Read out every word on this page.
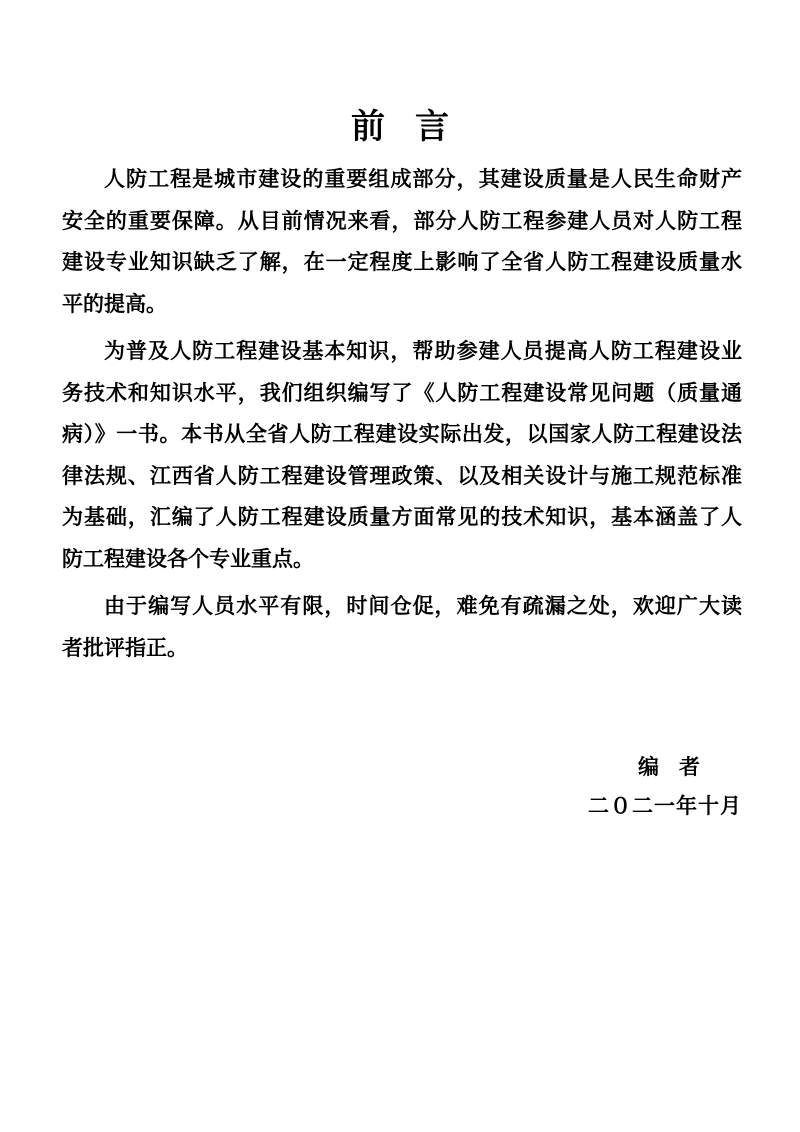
前言
人防工程是城市建设的重要组成部分，其建设质量是人民生命财产
安全的重要保障。从目前情况来看，部分人防工程参建人员对人防工程
建设专业知识缺乏了解，在一定程度上影响了全省人防工程建设质量水
平的提高。
为普及人防工程建设基本知识，帮助参建人员提高人防工程建设业
务技术和知识水平，我们组织编写了《人防工程建设常见问题（质量通
病）》一书。本书从全省人防工程建设实际出发，以国家人防工程建设法
律法规、江西省人防工程建设管理政策、以及相关设计与施工规范标准
为基础，汇编了人防工程建设质量方面常见的技术知识，基本涵盖了人
防工程建设各个专业重点。
由于编写人员水平有限，时间仓促，难免有疏漏之处，欢迎广大读
者批评指正。
编者
二０二一年十月
